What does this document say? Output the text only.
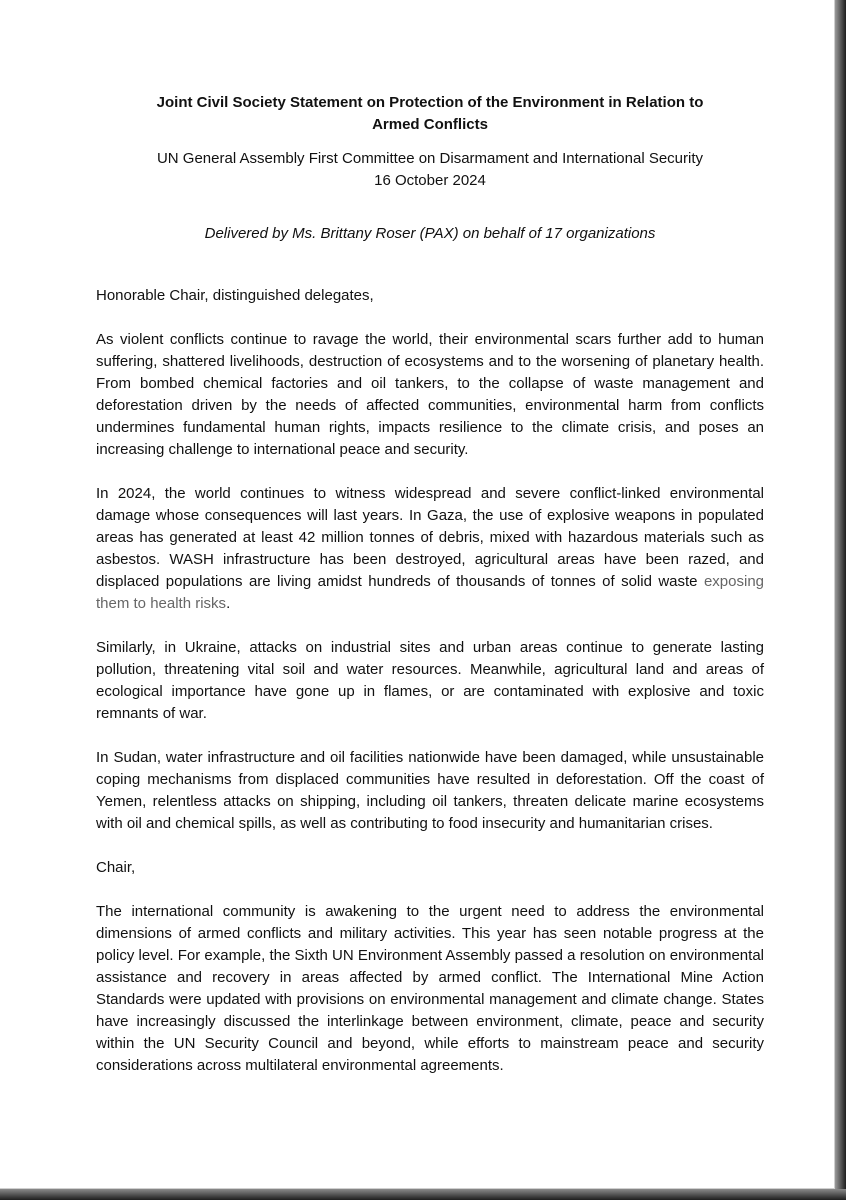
Joint Civil Society Statement on Protection of the Environment in Relation to

Armed Conflicts

UN General Assembly First Committee on Disarmament and International Security

16 October 2024

Delivered by Ms. Brittany Roser (PAX) on behalf of 17 organizations

Honorable Chair, distinguished delegates,

As violent conflicts continue to ravage the world, their environmental scars further add to human suffering, shattered livelihoods, destruction of ecosystems and to the worsening of planetary health. From bombed chemical factories and oil tankers, to the collapse of waste management and deforestation driven by the needs of affected communities, environmental harm from conflicts undermines fundamental human rights, impacts resilience to the climate crisis, and poses an increasing challenge to international peace and security.

In 2024, the world continues to witness widespread and severe conflict-linked environmental damage whose consequences will last years. In Gaza, the use of explosive weapons in populated areas has generated at least 42 million tonnes of debris, mixed with hazardous materials such as asbestos. WASH infrastructure has been destroyed, agricultural areas have been razed, and displaced populations are living amidst hundreds of thousands of tonnes of solid waste exposing them to health risks.

Similarly, in Ukraine, attacks on industrial sites and urban areas continue to generate lasting pollution, threatening vital soil and water resources. Meanwhile, agricultural land and areas of ecological importance have gone up in flames, or are contaminated with explosive and toxic remnants of war.

In Sudan, water infrastructure and oil facilities nationwide have been damaged, while unsustainable coping mechanisms from displaced communities have resulted in deforestation. Off the coast of Yemen, relentless attacks on shipping, including oil tankers, threaten delicate marine ecosystems with oil and chemical spills, as well as contributing to food insecurity and humanitarian crises.

Chair,

The international community is awakening to the urgent need to address the environmental dimensions of armed conflicts and military activities. This year has seen notable progress at the policy level. For example, the Sixth UN Environment Assembly passed a resolution on environmental assistance and recovery in areas affected by armed conflict. The International Mine Action Standards were updated with provisions on environmental management and climate change. States have increasingly discussed the interlinkage between environment, climate, peace and security within the UN Security Council and beyond, while efforts to mainstream peace and security considerations across multilateral environmental agreements.
